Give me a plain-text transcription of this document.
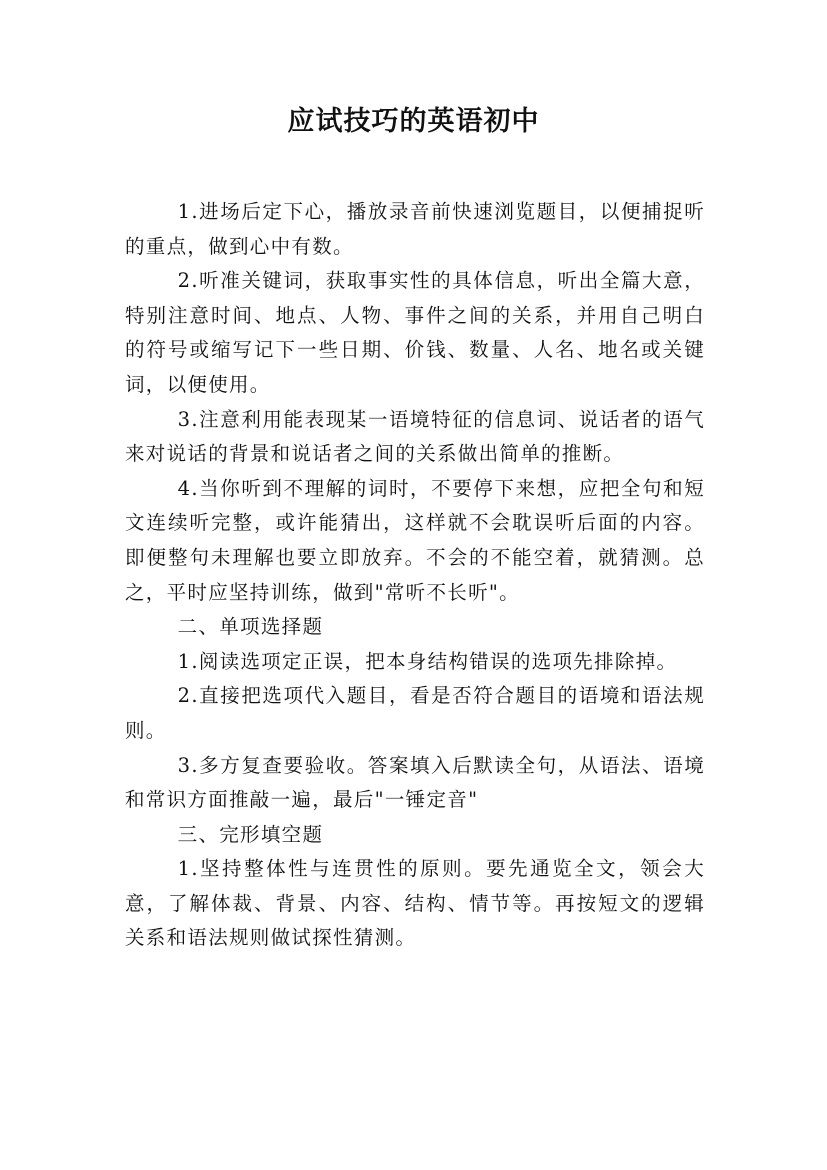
应试技巧的英语初中

1.进场后定下心，播放录音前快速浏览题目，以便捕捉听的重点，做到心中有数。

2.听准关键词，获取事实性的具体信息，听出全篇大意，特别注意时间、地点、人物、事件之间的关系，并用自己明白的符号或缩写记下一些日期、价钱、数量、人名、地名或关键词，以便使用。

3.注意利用能表现某一语境特征的信息词、说话者的语气来对说话的背景和说话者之间的关系做出简单的推断。

4.当你听到不理解的词时，不要停下来想，应把全句和短文连续听完整，或许能猜出，这样就不会耽误听后面的内容。即便整句未理解也要立即放弃。不会的不能空着，就猜测。总之，平时应坚持训练，做到"常听不长听"。

二、单项选择题

1.阅读选项定正误，把本身结构错误的选项先排除掉。

2.直接把选项代入题目，看是否符合题目的语境和语法规则。

3.多方复查要验收。答案填入后默读全句，从语法、语境和常识方面推敲一遍，最后"一锤定音"

三、完形填空题

1.坚持整体性与连贯性的原则。要先通览全文，领会大意，了解体裁、背景、内容、结构、情节等。再按短文的逻辑关系和语法规则做试探性猜测。
